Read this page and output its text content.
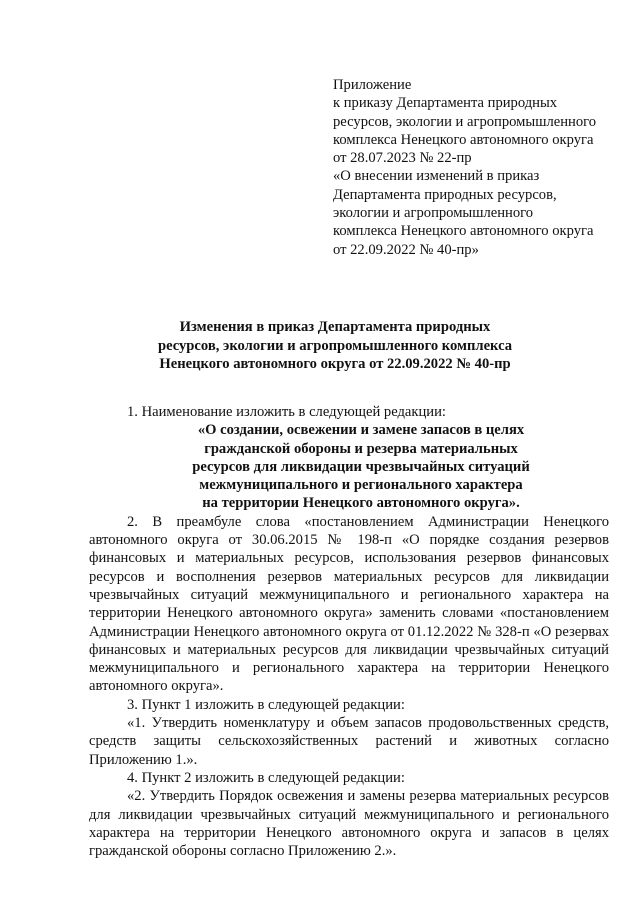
Приложение
к приказу Департамента природных
ресурсов, экологии и агропромышленного
комплекса Ненецкого автономного округа
от 28.07.2023 № 22-пр
«О внесении изменений в приказ
Департамента природных ресурсов,
экологии и агропромышленного
комплекса Ненецкого автономного округа
от 22.09.2022 № 40-пр»
Изменения в приказ Департамента природных
ресурсов, экологии и агропромышленного комплекса
Ненецкого автономного округа от 22.09.2022 № 40-пр

1. Наименование изложить в следующей редакции:

«О создании, освежении и замене запасов в целях
гражданской обороны и резерва материальных
ресурсов для ликвидации чрезвычайных ситуаций
межмуниципального и регионального характера
на территории Ненецкого автономного округа».

2. В преамбуле слова «постановлением Администрации Ненецкого автономного округа от 30.06.2015 № 198-п «О порядке создания резервов финансовых и материальных ресурсов, использования резервов финансовых ресурсов и восполнения резервов материальных ресурсов для ликвидации чрезвычайных ситуаций межмуниципального и регионального характера на территории Ненецкого автономного округа» заменить словами «постановлением Администрации Ненецкого автономного округа от 01.12.2022 № 328-п «О резервах финансовых и материальных ресурсов для ликвидации чрезвычайных ситуаций межмуниципального и регионального характера на территории Ненецкого автономного округа».

3. Пункт 1 изложить в следующей редакции:

«1. Утвердить номенклатуру и объем запасов продовольственных средств, средств защиты сельскохозяйственных растений и животных согласно Приложению 1.».

4. Пункт 2 изложить в следующей редакции:

«2. Утвердить Порядок освежения и замены резерва материальных ресурсов для ликвидации чрезвычайных ситуаций межмуниципального и регионального характера на территории Ненецкого автономного округа и запасов в целях гражданской обороны согласно Приложению 2.».
